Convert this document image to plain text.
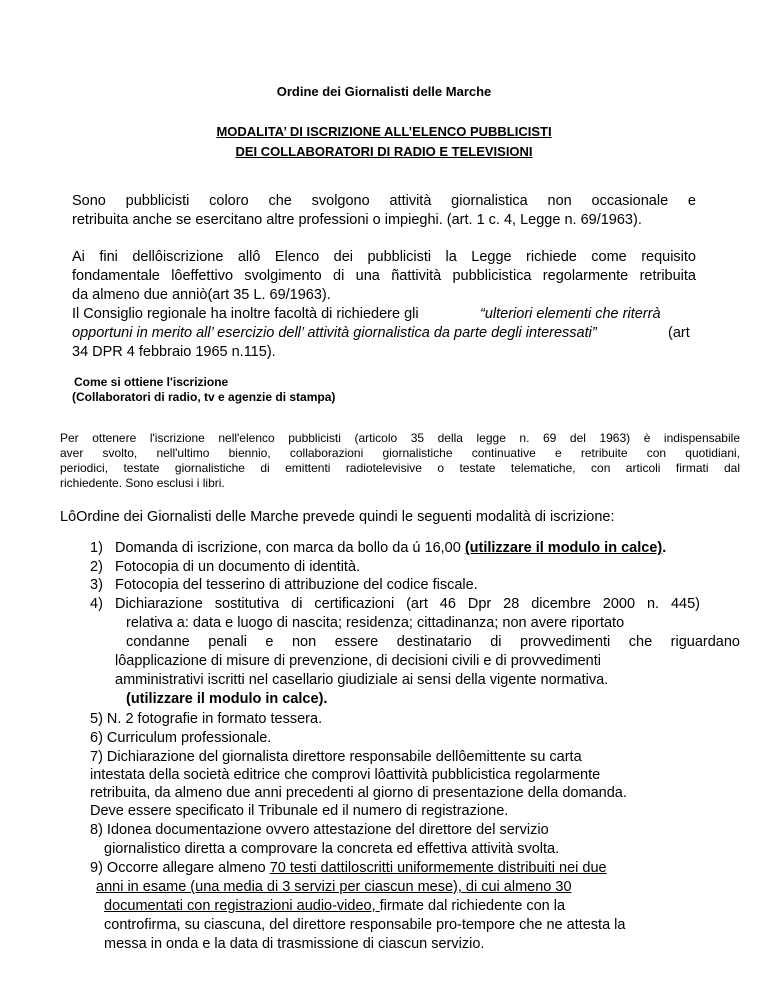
Ordine dei Giornalisti delle Marche
MODALITA’ DI ISCRIZIONE ALL’ELENCO PUBBLICISTI
DEI COLLABORATORI DI RADIO E TELEVISIONI
Sono pubblicisti coloro che svolgono attività giornalistica non occasionale e
retribuita anche se esercitano altre professioni o impieghi. (art. 1 c. 4, Legge n. 69/1963).
Ai fini dellôiscrizione allô Elenco dei pubblicisti la Legge richiede come requisito
fondamentale lôeffettivo svolgimento di una ñattività pubblicistica regolarmente retribuita
da almeno due anniò(art 35 L. 69/1963).
Il Consiglio regionale ha inoltre facoltà di richiedere gli	“ulteriori elementi che riterrà
opportuni in merito all’ esercizio dell’ attività giornalistica da parte degli interessati”	(art
34 DPR 4 febbraio 1965 n.115).
Come si ottiene l'iscrizione
(Collaboratori di radio, tv e agenzie di stampa)
Per ottenere l'iscrizione nell'elenco pubblicisti (articolo 35 della legge n. 69 del 1963) è indispensabile
aver svolto, nell'ultimo biennio, collaborazioni giornalistiche continuative e retribuite con quotidiani,
periodici, testate giornalistiche di emittenti radiotelevisive o testate telematiche, con articoli firmati dal
richiedente. Sono esclusi i libri.
LôOrdine dei Giornalisti delle Marche prevede quindi le seguenti modalità di iscrizione:
1) Domanda di iscrizione, con marca da bollo da ú 16,00 (utilizzare il modulo in calce).
2) Fotocopia di un documento di identità.
3) Fotocopia del tesserino di attribuzione del codice fiscale.
4) Dichiarazione sostitutiva di certificazioni (art 46 Dpr 28 dicembre 2000 n. 445)
relativa a: data e luogo di nascita; residenza; cittadinanza; non avere riportato
condanne penali e non essere destinatario di provvedimenti che riguardano
lôapplicazione di misure di prevenzione, di decisioni civili e di provvedimenti
amministrativi iscritti nel casellario giudiziale ai sensi della vigente normativa.
(utilizzare il modulo in calce).
5) N. 2 fotografie in formato tessera.
6) Curriculum professionale.
7) Dichiarazione del giornalista direttore responsabile dellôemittente su carta
intestata della società editrice che comprovi lôattività pubblicistica regolarmente
retribuita, da almeno due anni precedenti al giorno di presentazione della domanda.
Deve essere specificato il Tribunale ed il numero di registrazione.
8) Idonea documentazione ovvero attestazione del direttore del servizio
giornalistico diretta a comprovare la concreta ed effettiva attività svolta.
9) Occorre allegare almeno 70 testi dattiloscritti uniformemente distribuiti nei due
anni in esame (una media di 3 servizi per ciascun mese), di cui almeno 30
documentati con registrazioni audio-video, firmate dal richiedente con la
controfirma, su ciascuna, del direttore responsabile pro-tempore che ne attesta la
messa in onda e la data di trasmissione di ciascun servizio.
